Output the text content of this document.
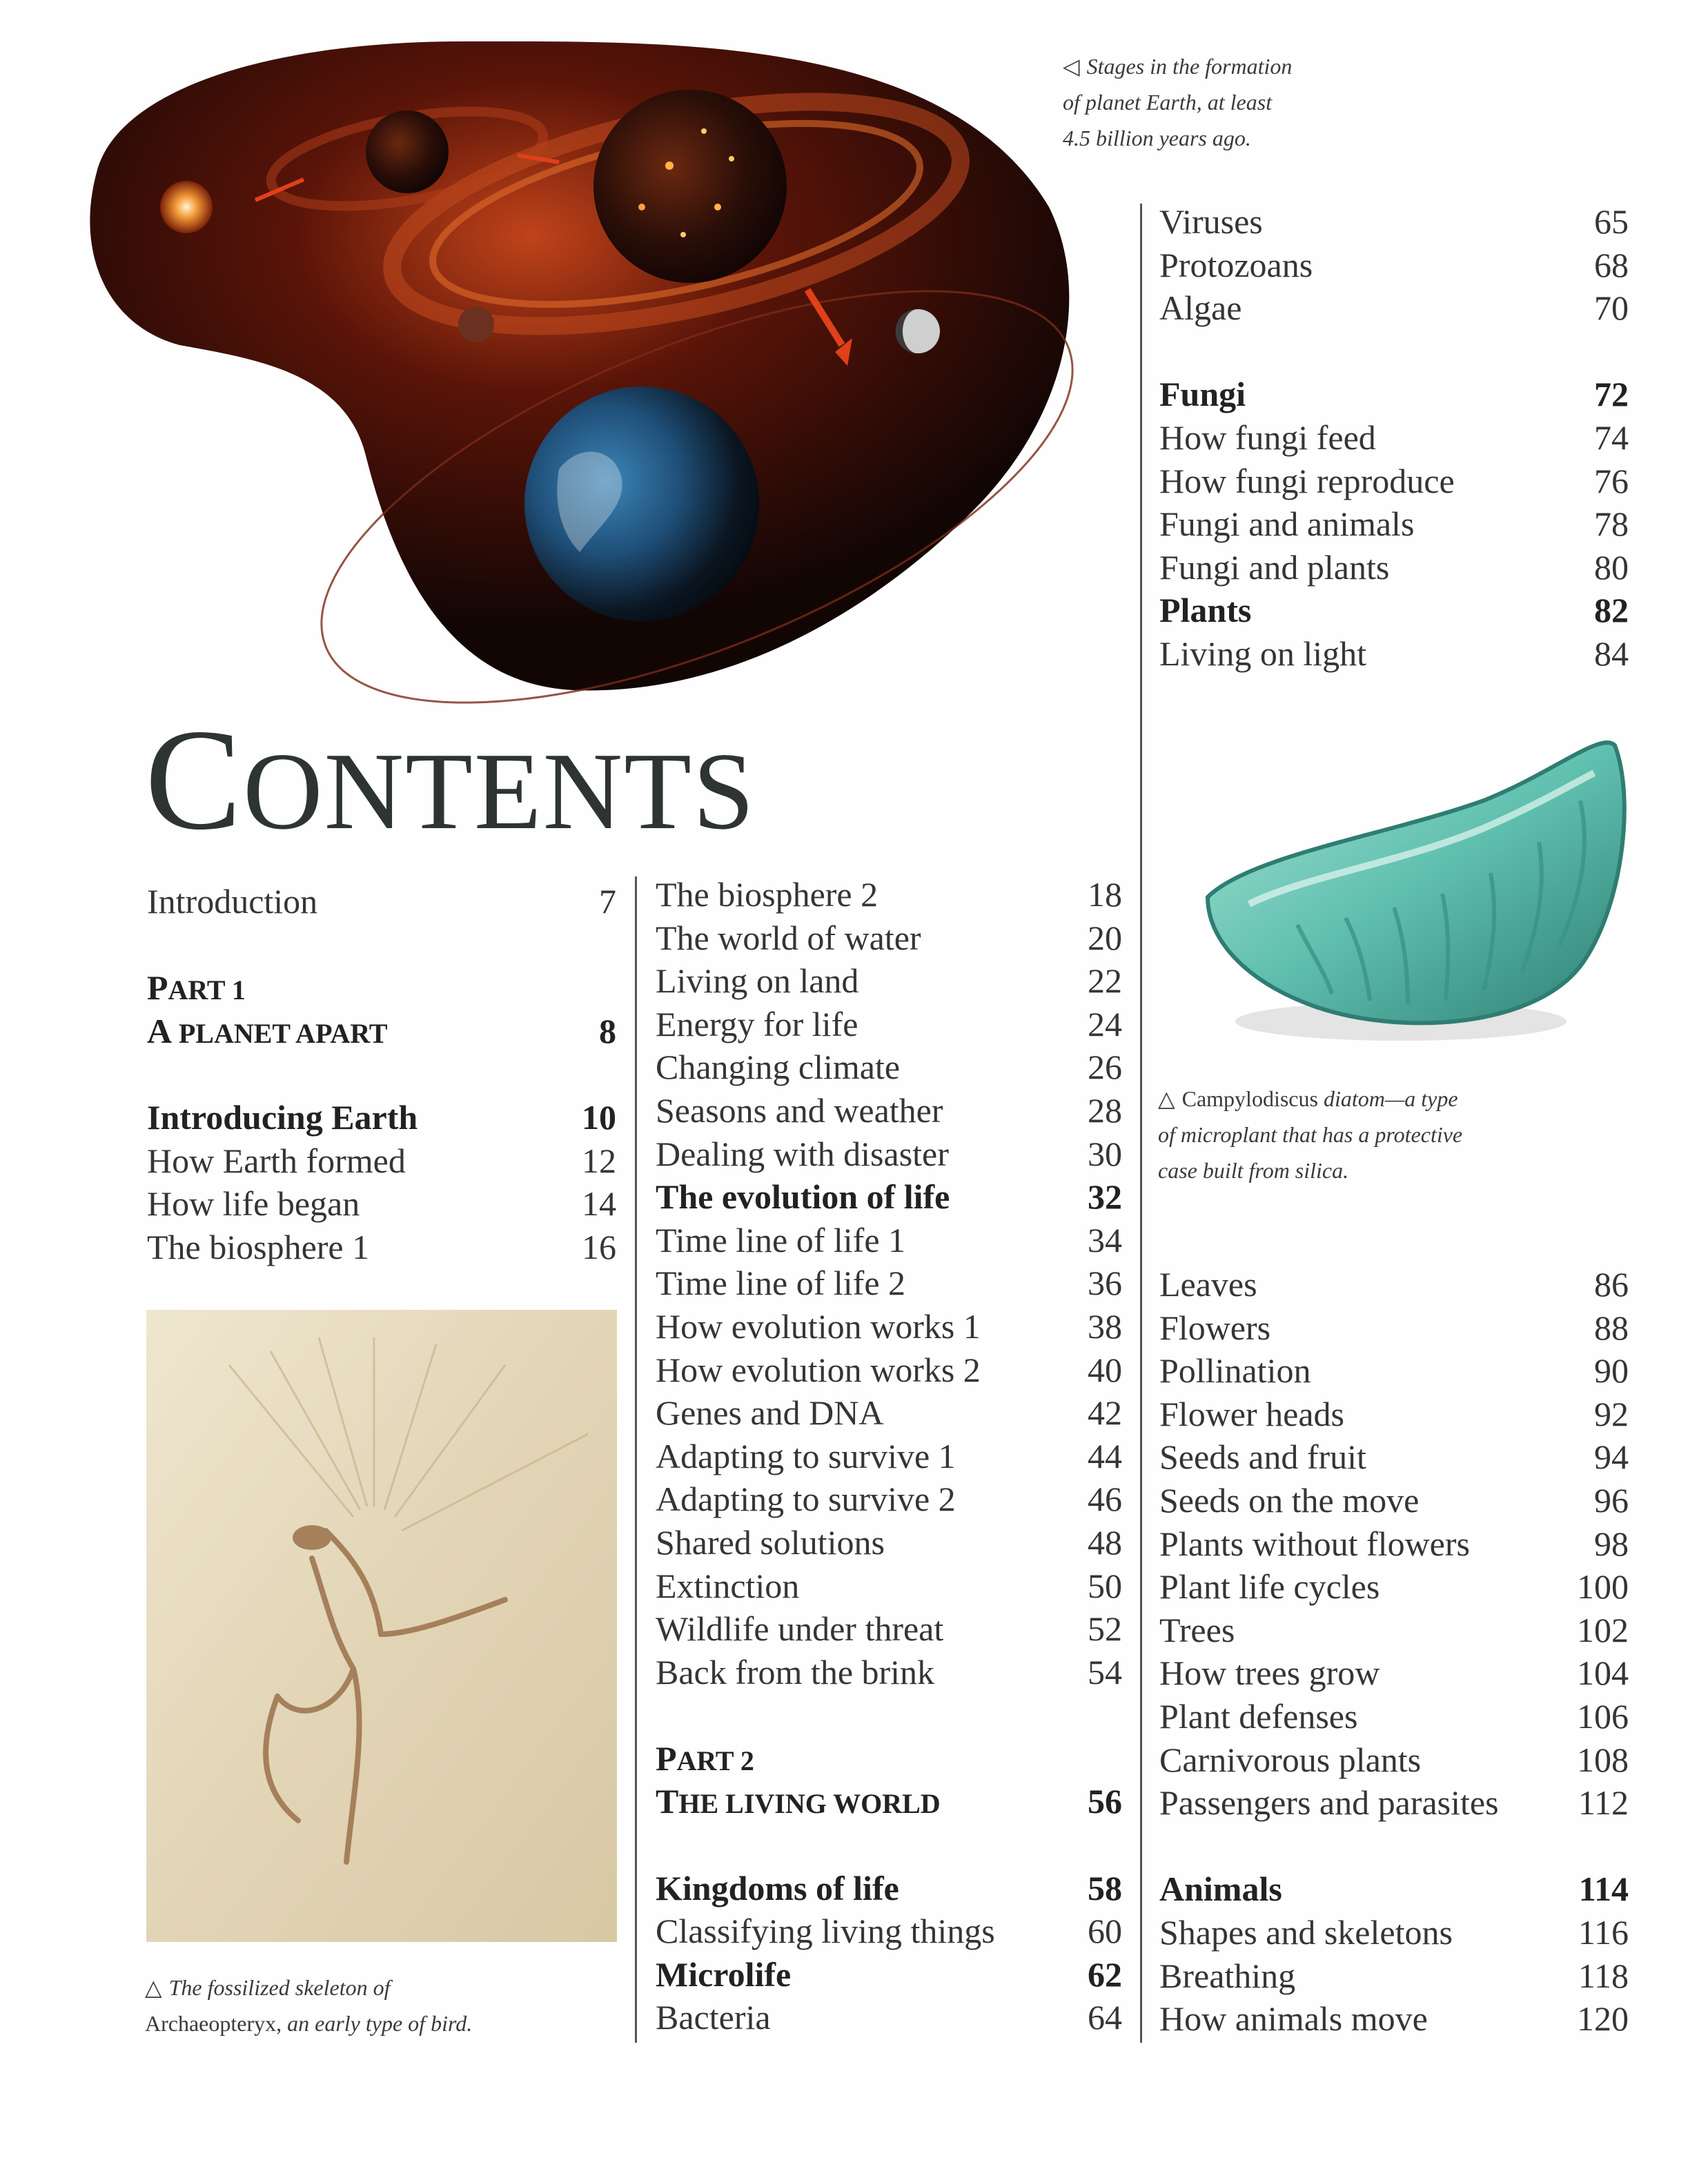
◁ Stages in the formation
of planet Earth, at least
4.5 billion years ago.
CONTENTS
Introduction	7
PART 1
A PLANET APART	8
Introducing Earth	10
How Earth formed	12
How life began	14
The biosphere 1	16
△ The fossilized skeleton of
Archaeopteryx, an early type of bird.
The biosphere 2	18
The world of water	20
Living on land	22
Energy for life	24
Changing climate	26
Seasons and weather	28
Dealing with disaster	30
The evolution of life	32
Time line of life 1	34
Time line of life 2	36
How evolution works 1	38
How evolution works 2	40
Genes and DNA	42
Adapting to survive 1	44
Adapting to survive 2	46
Shared solutions	48
Extinction	50
Wildlife under threat	52
Back from the brink	54
PART 2
THE LIVING WORLD	56
Kingdoms of life	58
Classifying living things	60
Microlife	62
Bacteria	64
Viruses	65
Protozoans	68
Algae	70
Fungi	72
How fungi feed	74
How fungi reproduce	76
Fungi and animals	78
Fungi and plants	80
Plants	82
Living on light	84
△ Campylodiscus diatom—a type
of microplant that has a protective
case built from silica.
Leaves	86
Flowers	88
Pollination	90
Flower heads	92
Seeds and fruit	94
Seeds on the move	96
Plants without flowers	98
Plant life cycles	100
Trees	102
How trees grow	104
Plant defenses	106
Carnivorous plants	108
Passengers and parasites 112
Animals	114
Shapes and skeletons	116
Breathing	118
How animals move	120
